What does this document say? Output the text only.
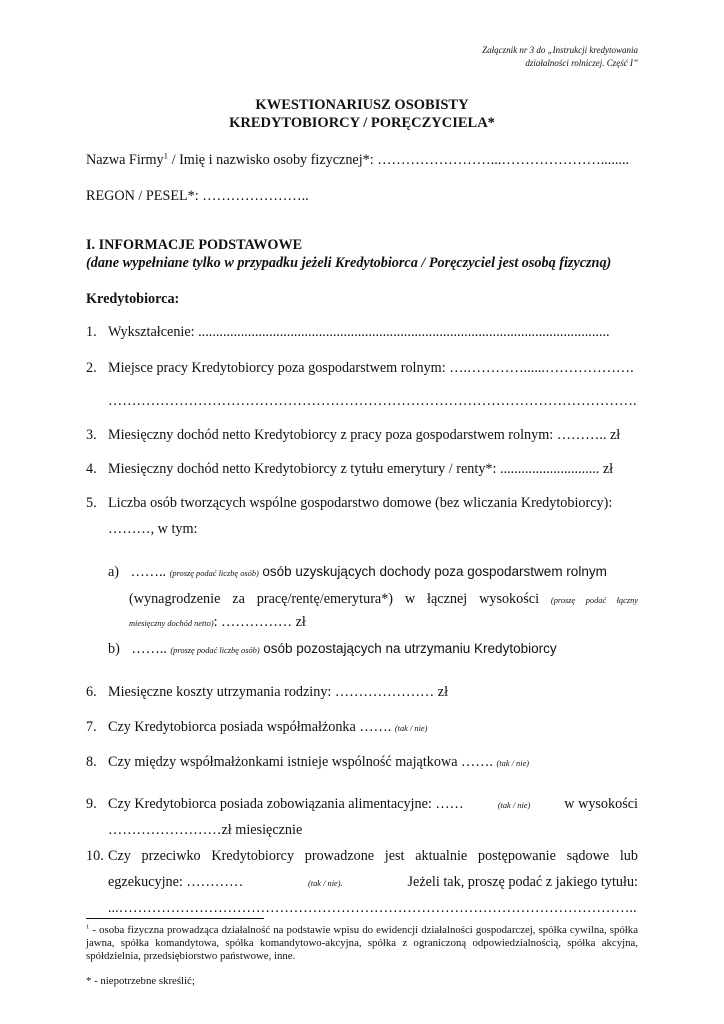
Załącznik nr 3 do „Instrukcji kredytowania
działalności rolniczej. Część I”
KWESTIONARIUSZ OSOBISTY
KREDYTOBIORCY / PORĘCZYCIELA*
Nazwa Firmy$^1$ / Imię i nazwisko osoby fizycznej*: ……………………...…………………........
REGON / PESEL*: …………………..
I. INFORMACJE PODSTAWOWE
(dane wypełniane tylko w przypadku jeżeli Kredytobiorca / Poręczyciel jest osobą fizyczną)
Kredytobiorca:
1. Wykształcenie: ....................................................................................................................
2. Miejsce pracy Kredytobiorcy poza gospodarstwem rolnym: ….…………......……………….
………………………………………………………………………………………………….
3. Miesięczny dochód netto Kredytobiorcy z pracy poza gospodarstwem rolnym: ……….. zł
4. Miesięczny dochód netto Kredytobiorcy z tytułu emerytury / renty*: ............................ zł
5. Liczba osób tworzących wspólne gospodarstwo domowe (bez wliczania Kredytobiorcy):
………, w tym:
a) …….. (proszę podać liczbę osób) osób uzyskujących dochody poza gospodarstwem rolnym
(wynagrodzenie za pracę/rentę/emerytura*) w łącznej wysokości (proszę podać łączny
miesięczny dochód netto): …………… zł
b) …….. (proszę podać liczbę osób) osób pozostających na utrzymaniu Kredytobiorcy
6. Miesięczne koszty utrzymania rodziny: ………………… zł
7. Czy Kredytobiorca posiada współmałżonka ……. (tak / nie)
8. Czy między współmałżonkami istnieje wspólność majątkowa ……. (tak / nie)
9. Czy Kredytobiorca posiada zobowiązania alimentacyjne: ……	(tak / nie) w wysokości
……………………zł miesięcznie
10. Czy przeciwko Kredytobiorcy prowadzone jest aktualnie postępowanie sądowe lub
egzekucyjne: …………	(tak / nie).	Jeżeli tak, proszę podać z jakiego tytułu:
...………………………………………………………………………………………………..
$^1$ - osoba fizyczna prowadząca działalność na podstawie wpisu do ewidencji działalności gospodarczej, spółka cywilna, spółka jawna, spółka komandytowa, spółka komandytowo-akcyjna, spółka z ograniczoną odpowiedzialnością, spółka akcyjna, spółdzielnia, przedsiębiorstwo państwowe, inne.
* - niepotrzebne skreślić;
